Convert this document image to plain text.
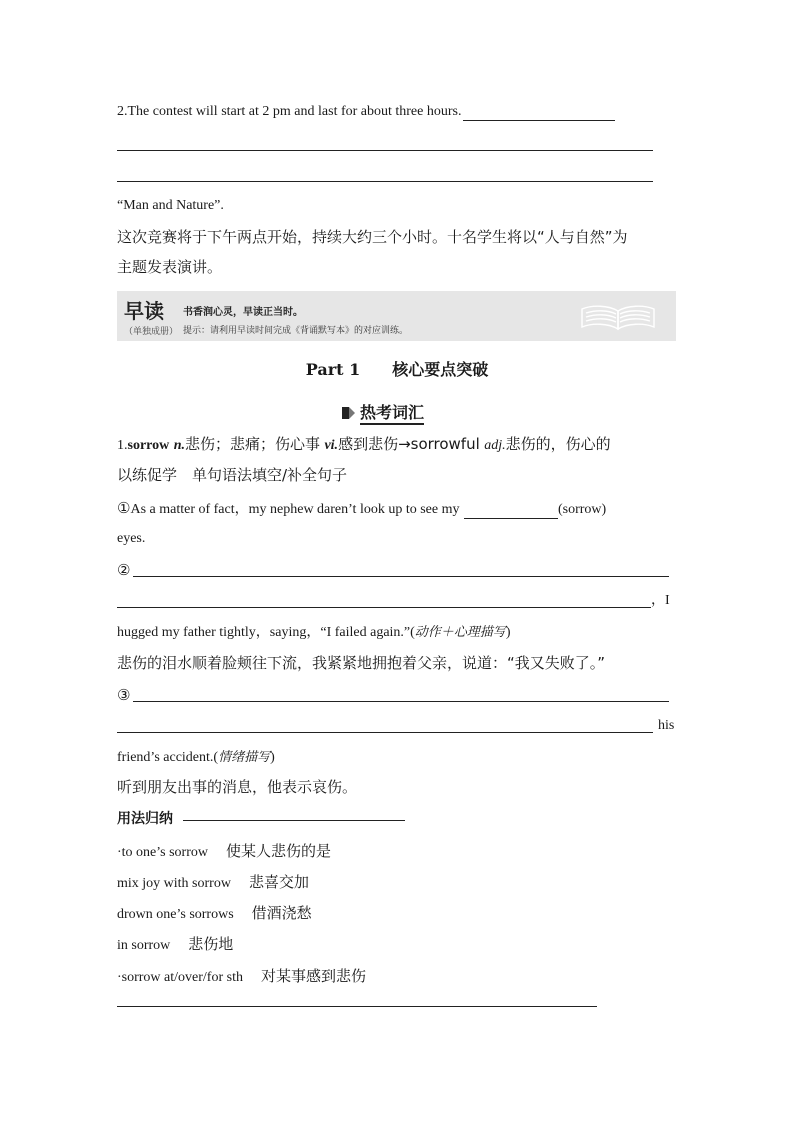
2.The contest will start at 2 pm and last for about three hours.
“Man and Nature”.
这次竞赛将于下午两点开始，持续大约三个小时。十名学生将以“人与自然”为
主题发表演讲。
早读
（单独成册）
书香润心灵，早读正当时。
提示：请利用早读时间完成《背诵默写本》的对应训练。
Part 1　　核心要点突破
热考词汇
1.sorrow n.悲伤；悲痛；伤心事 vi.感到悲伤→sorrowful adj.悲伤的，伤心的
以练促学　单句语法填空/补全句子
①As a matter of fact，my nephew daren’t look up to see my	(sorrow)
eyes.
②
，I
hugged my father tightly，saying，“I failed again.”(动作＋心理描写)
悲伤的泪水顺着脸颊往下流，我紧紧地拥抱着父亲，说道：“我又失败了。”
③
his
friend’s accident.(情绪描写)
听到朋友出事的消息，他表示哀伤。
用法归纳
·to one’s sorrow 使某人悲伤的是
mix joy with sorrow 悲喜交加
drown one’s sorrows 借酒浇愁
in sorrow 悲伤地
·sorrow at/over/for sth 对某事感到悲伤
